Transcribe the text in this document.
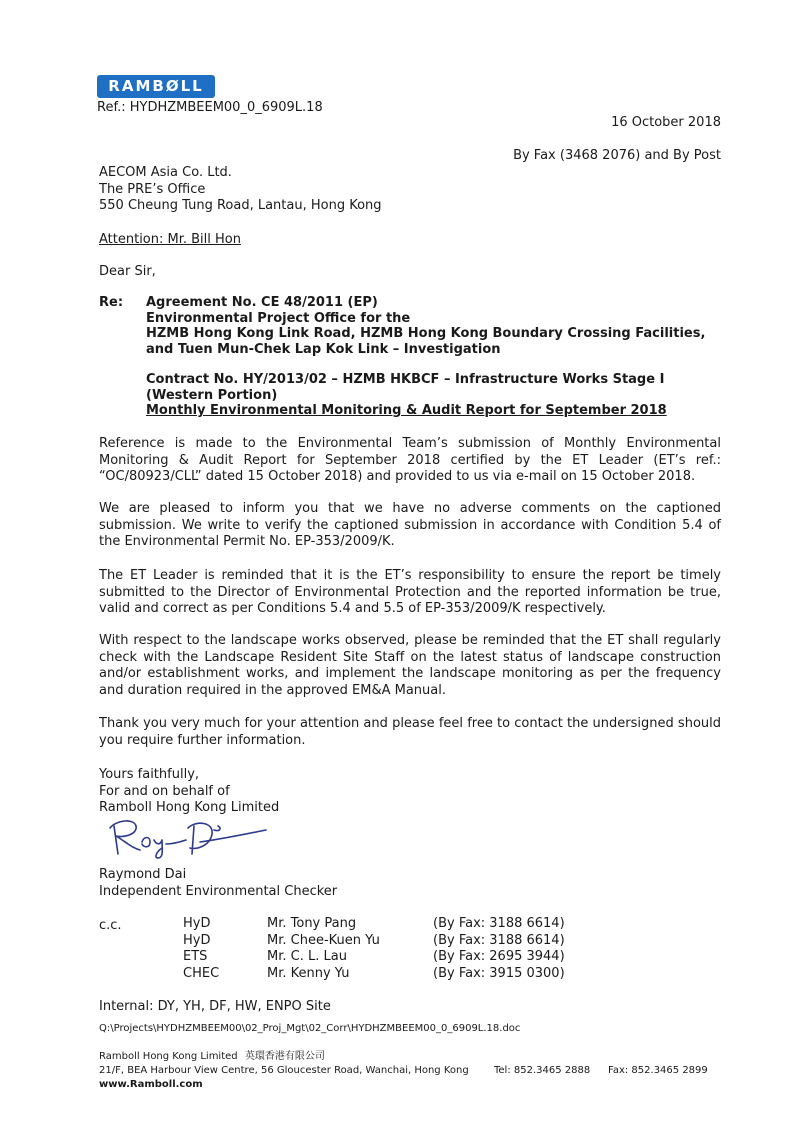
RAMBØLL
Ref.: HYDHZMBEEM00_0_6909L.18
16 October 2018
By Fax (3468 2076) and By Post
AECOM Asia Co. Ltd.
The PRE’s Office
550 Cheung Tung Road, Lantau, Hong Kong
Attention: Mr. Bill Hon
Dear Sir,
Re: Agreement No. CE 48/2011 (EP)
Environmental Project Office for the
HZMB Hong Kong Link Road, HZMB Hong Kong Boundary Crossing Facilities,
and Tuen Mun-Chek Lap Kok Link – Investigation
Contract No. HY/2013/02 – HZMB HKBCF – Infrastructure Works Stage I
(Western Portion)
Monthly Environmental Monitoring & Audit Report for September 2018

Reference is made to the Environmental Team’s submission of Monthly Environmental Monitoring & Audit Report for September 2018 certified by the ET Leader (ET’s ref.: “OC/80923/CLL” dated 15 October 2018) and provided to us via e-mail on 15 October 2018.

We are pleased to inform you that we have no adverse comments on the captioned submission. We write to verify the captioned submission in accordance with Condition 5.4 of the Environmental Permit No. EP-353/2009/K.

The ET Leader is reminded that it is the ET’s responsibility to ensure the report be timely submitted to the Director of Environmental Protection and the reported information be true, valid and correct as per Conditions 5.4 and 5.5 of EP-353/2009/K respectively.

With respect to the landscape works observed, please be reminded that the ET shall regularly check with the Landscape Resident Site Staff on the latest status of landscape construction and/or establishment works, and implement the landscape monitoring as per the frequency and duration required in the approved EM&A Manual.

Thank you very much for your attention and please feel free to contact the undersigned should you require further information.

Yours faithfully,
For and on behalf of
Ramboll Hong Kong Limited
Raymond Dai
Independent Environmental Checker
c.c.	HyD	Mr. Tony Pang	(By Fax: 3188 6614)
HyD	Mr. Chee-Kuen Yu	(By Fax: 3188 6614)
ETS	Mr. C. L. Lau	(By Fax: 2695 3944)
CHEC	Mr. Kenny Yu	(By Fax: 3915 0300)
Internal: DY, YH, DF, HW, ENPO Site
Q:\Projects\HYDHZMBEEM00\02_Proj_Mgt\02_Corr\HYDHZMBEEM00_0_6909L.18.doc
Ramboll Hong Kong Limited 英環香港有限公司
21/F, BEA Harbour View Centre, 56 Gloucester Road, Wanchai, Hong Kong	Tel: 852.3465 2888 Fax: 852.3465 2899
www.Ramboll.com
